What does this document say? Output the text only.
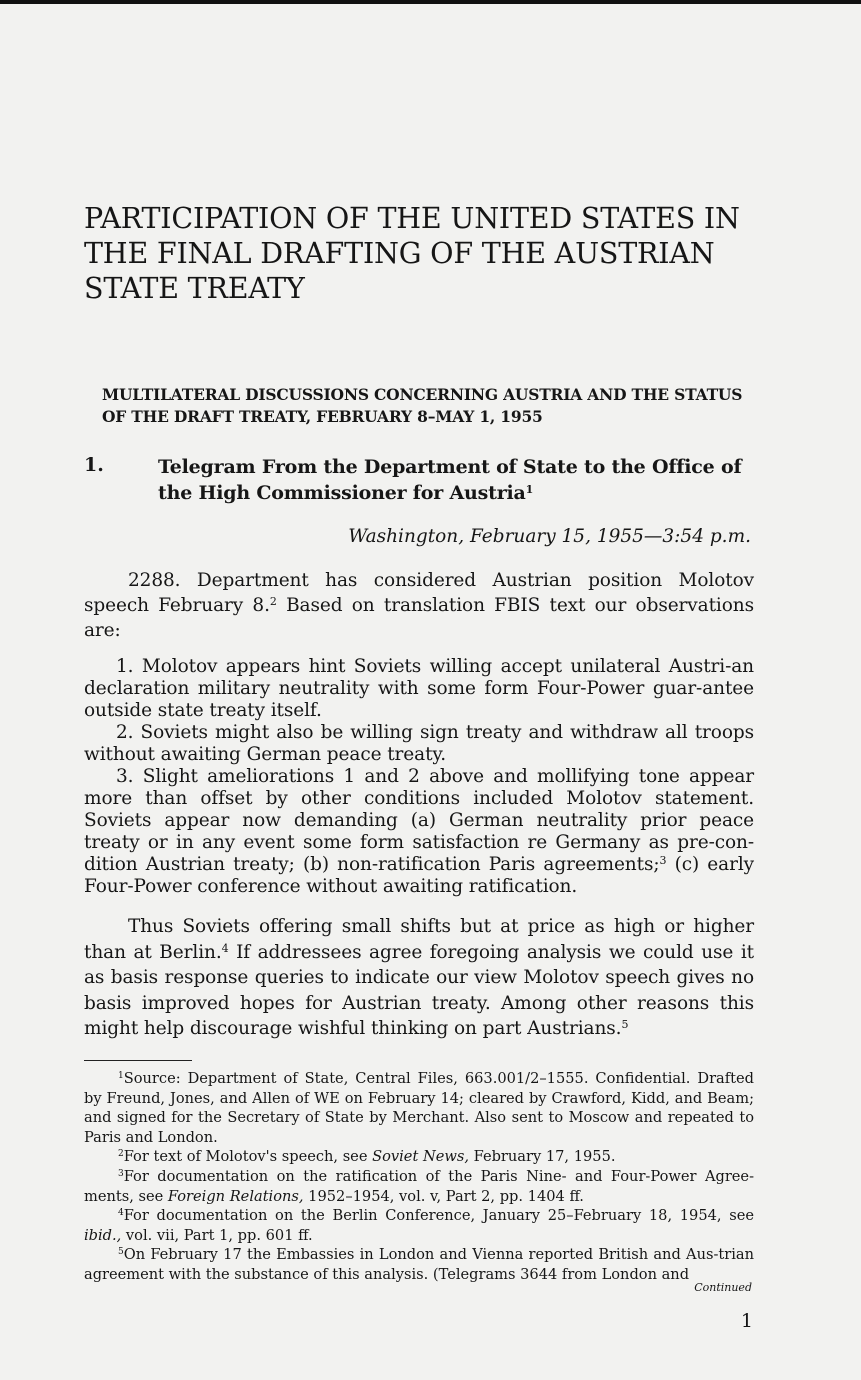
PARTICIPATION OF THE UNITED STATES IN THE FINAL DRAFTING OF THE AUSTRIAN STATE TREATY
MULTILATERAL DISCUSSIONS CONCERNING AUSTRIA AND THE STATUS OF THE DRAFT TREATY, FEBRUARY 8–MAY 1, 1955
1.	Telegram From the Department of State to the Office of the High Commissioner for Austria$^1$
Washington, February 15, 1955—3:54 p.m.

2288. Department has considered Austrian position Molotov speech February 8.$^2$ Based on translation FBIS text our observations are:

1. Molotov appears hint Soviets willing accept unilateral Austri-an declaration military neutrality with some form Four-Power guar-antee outside state treaty itself.

2. Soviets might also be willing sign treaty and withdraw all troops without awaiting German peace treaty.

3. Slight ameliorations 1 and 2 above and mollifying tone appear more than offset by other conditions included Molotov statement. Soviets appear now demanding (a) German neutrality prior peace treaty or in any event some form satisfaction re Germany as pre-con-dition Austrian treaty; (b) non-ratification Paris agreements;$^3$ (c) early Four-Power conference without awaiting ratification.

Thus Soviets offering small shifts but at price as high or higher than at Berlin.$^4$ If addressees agree foregoing analysis we could use it as basis response queries to indicate our view Molotov speech gives no basis improved hopes for Austrian treaty. Among other reasons this might help discourage wishful thinking on part Austrians.$^5$

$^1$Source: Department of State, Central Files, 663.001/2–1555. Confidential. Drafted by Freund, Jones, and Allen of WE on February 14; cleared by Crawford, Kidd, and Beam; and signed for the Secretary of State by Merchant. Also sent to Moscow and repeated to Paris and London.

$^2$For text of Molotov's speech, see Soviet News, February 17, 1955.

$^3$For documentation on the ratification of the Paris Nine- and Four-Power Agree-ments, see Foreign Relations, 1952–1954, vol. v, Part 2, pp. 1404 ff.

$^4$For documentation on the Berlin Conference, January 25–February 18, 1954, see ibid., vol. vii, Part 1, pp. 601 ff.

$^5$On February 17 the Embassies in London and Vienna reported British and Aus-trian agreement with the substance of this analysis. (Telegrams 3644 from London and

Continued
1
